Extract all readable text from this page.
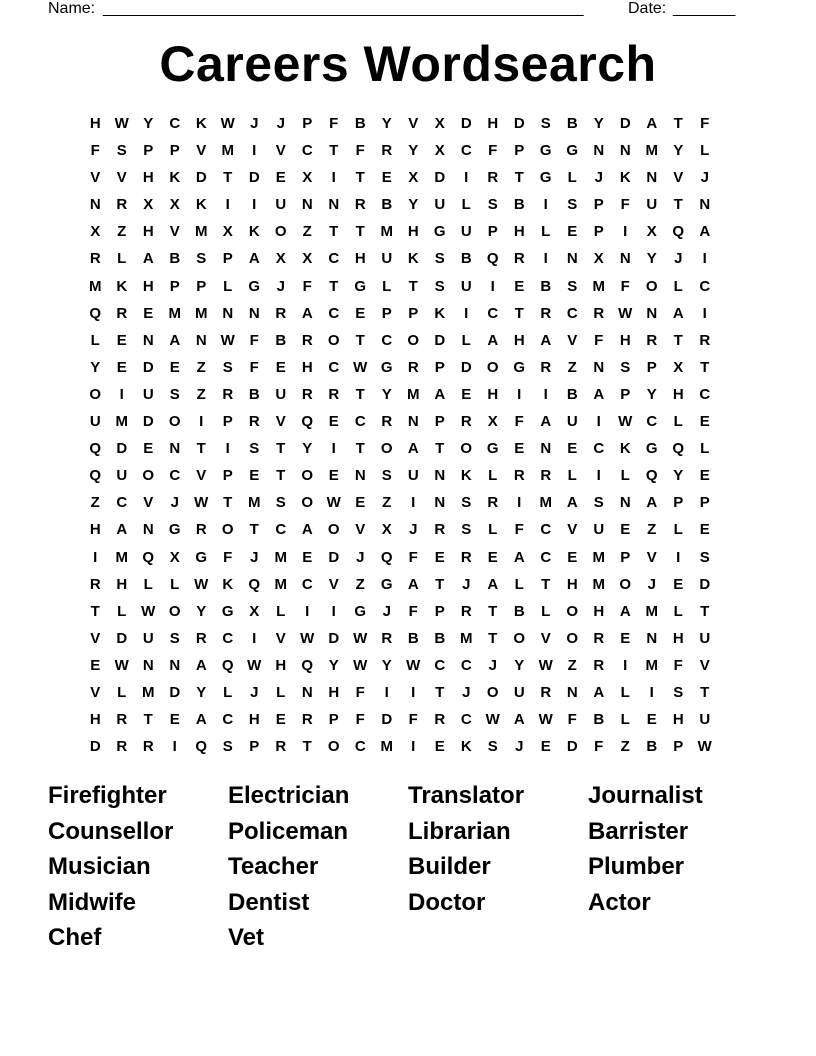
Name: ______________________________________________________	Date: _______
Careers Wordsearch
H W Y	C	K W	J	J	P	F	B	Y	V	X	D	H	D	S	B	Y	D	A	T	F
F	S	P	P	V	M	I	V	C	T	F	R	Y	X	C	F	P	G G	N	N M	Y	L
V	V	H	K	D	T	D	E	X	I	T	E	X	D	I	R	T	G	L	J	K	N	V	J
N	R	X	X	K	I	I	U	N	N	R	B	Y	U	L	S	B	I	S	P	F	U	T	N
X	Z	H	V	M	X	K	O	Z	T	T	M H	G	U	P	H	L	E	P	I	X	Q	A
R	L	A	B	S	P	A	X	X	C	H	U	K	S	B	Q	R	I	N	X	N	Y	J	I
M K	H	P	P	L	G	J	F	T	G	L	T	S	U	I	E	B	S	M	F	O	L	C
Q	R	E	M M N	N	R	A	C	E	P	P	K	I	C	T	R	C	R W N	A	I
L	E	N	A	N W F	B	R	O	T	C	O	D	L	A	H	A	V	F	H	R	T	R
Y	E	D	E	Z	S	F	E	H	C W G	R	P	D	O G	R	Z	N	S	P	X	T
O	I	U	S	Z	R	B	U	R	R	T	Y	M A	E	H	I	I	B	A	P	Y	H	C
U M D	O	I	P	R	V	Q	E	C	R	N	P	R	X	F	A	U	I	W C	L	E
Q	D	E	N	T	I	S	T	Y	I	T	O	A	T	O G	E	N	E	C	K	G Q	L
Q	U	O	C	V	P	E	T	O	E	N	S	U	N	K	L	R	R	L	I	L	Q	Y	E
Z	C	V	J	W T	M	S	O W E	Z	I	N	S	R	I	M A	S	N	A	P	P
H	A	N	G	R	O	T	C	A	O	V	X	J	R	S	L	F	C	V	U	E	Z	L	E
I	M Q	X	G	F	J	M	E	D	J	Q	F	E	R	E	A	C	E	M	P	V	I	S
R	H	L	L W K	Q M C	V	Z	G	A	T	J	A	L	T	H M O	J	E	D
T	L W O	Y	G	X	L	I	I	G	J	F	P	R	T	B	L	O	H	A M	L	T
V	D	U	S	R	C	I	V W D W R	B	B M	T	O	V	O	R	E	N	H	U
E W N	N	A	Q W H	Q	Y W Y W C	C	J	Y W Z	R	I	M	F	V
V	L	M D	Y	L	J	L	N	H	F	I	I	T	J	O	U	R	N	A	L	I	S	T
H	R	T	E	A	C	H	E	R	P	F	D	F	R	C W A W F	B	L	E	H	U
D	R	R	I	Q	S	P	R	T	O	C M	I	E	K	S	J	E	D	F	Z	B	P W
Firefighter	Electrician	Translator	Journalist
Counsellor	Policeman	Librarian	Barrister
Musician	Teacher	Builder	Plumber
Midwife	Dentist	Doctor	Actor
Chef	Vet
